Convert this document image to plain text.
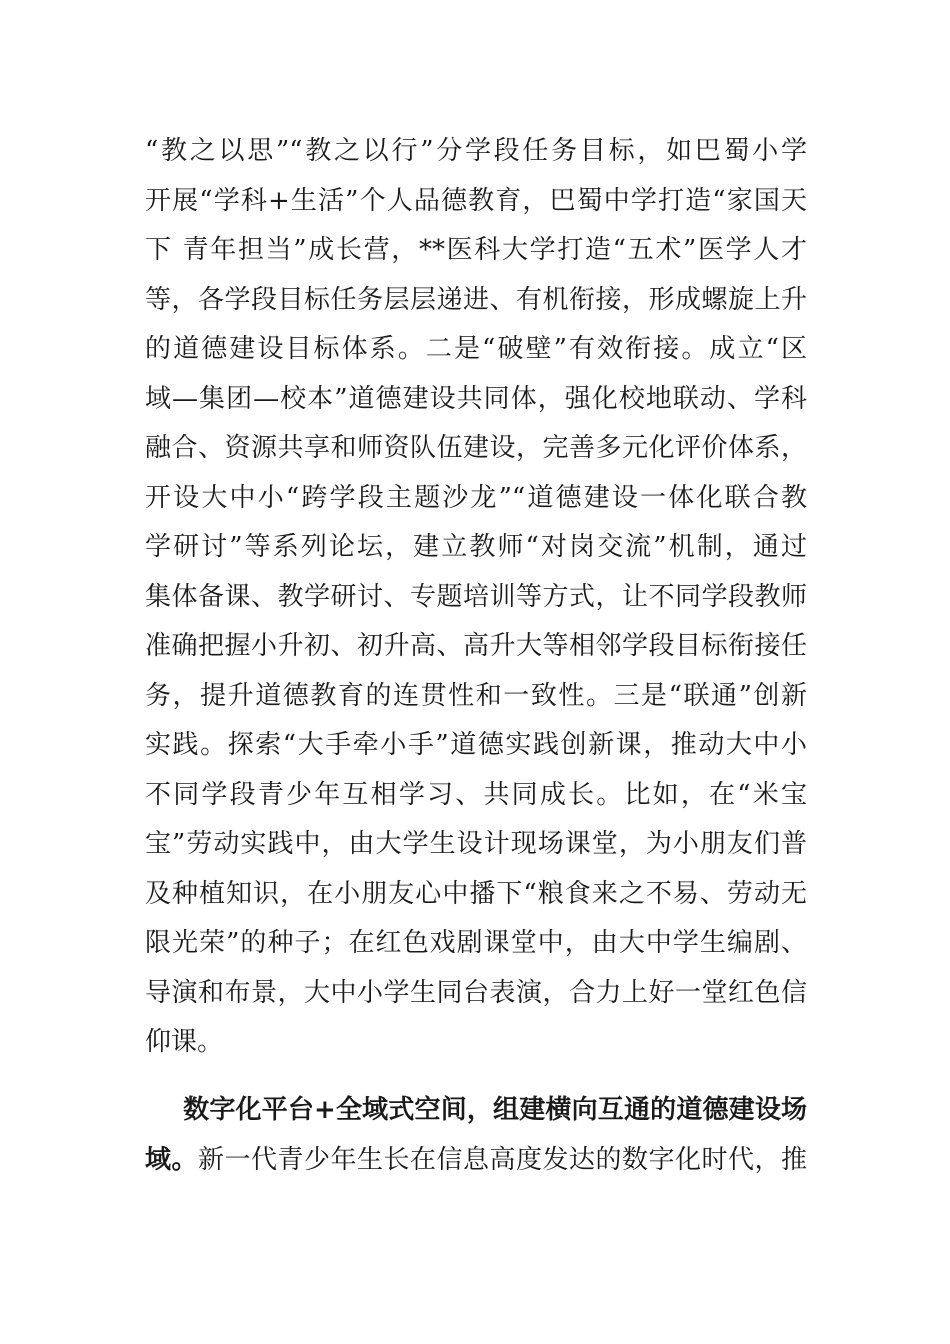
“教之以思”“教之以行”分学段任务目标，如巴蜀小学
开展“学科+生活”个人品德教育，巴蜀中学打造“家国天
下 青年担当”成长营，**医科大学打造“五术”医学人才
等，各学段目标任务层层递进、有机衔接，形成螺旋上升
的道德建设目标体系。二是“破壁”有效衔接。成立“区
域—集团—校本”道德建设共同体，强化校地联动、学科
融合、资源共享和师资队伍建设，完善多元化评价体系，
开设大中小“跨学段主题沙龙”“道德建设一体化联合教
学研讨”等系列论坛，建立教师“对岗交流”机制，通过
集体备课、教学研讨、专题培训等方式，让不同学段教师
准确把握小升初、初升高、高升大等相邻学段目标衔接任
务，提升道德教育的连贯性和一致性。三是“联通”创新
实践。探索“大手牵小手”道德实践创新课，推动大中小
不同学段青少年互相学习、共同成长。比如，在“米宝
宝”劳动实践中，由大学生设计现场课堂，为小朋友们普
及种植知识，在小朋友心中播下“粮食来之不易、劳动无
限光荣”的种子；在红色戏剧课堂中，由大中学生编剧、
导演和布景，大中小学生同台表演，合力上好一堂红色信
仰课。
数字化平台+全域式空间，组建横向互通的道德建设场
域。新一代青少年生长在信息高度发达的数字化时代，推
